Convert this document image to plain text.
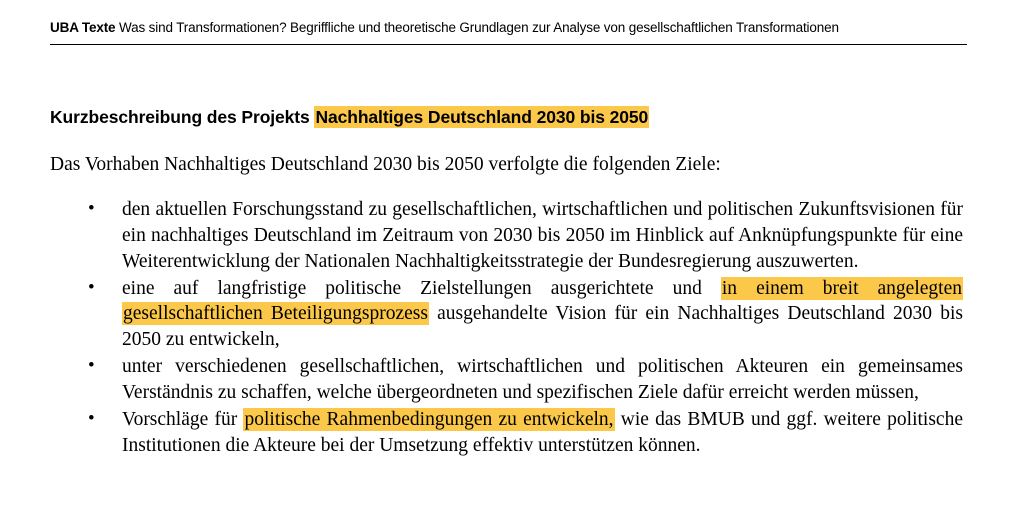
UBA Texte Was sind Transformationen? Begriffliche und theoretische Grundlagen zur Analyse von gesellschaftlichen Transformationen
Kurzbeschreibung des Projekts Nachhaltiges Deutschland 2030 bis 2050

Das Vorhaben Nachhaltiges Deutschland 2030 bis 2050 verfolgte die folgenden Ziele:

• den aktuellen Forschungsstand zu gesellschaftlichen, wirtschaftlichen und politischen Zukunftsvisionen für ein nachhaltiges Deutschland im Zeitraum von 2030 bis 2050 im Hinblick auf Anknüpfungspunkte für eine Weiterentwicklung der Nationalen Nachhaltigkeitsstrategie der Bundesregierung auszuwerten.
• eine auf langfristige politische Zielstellungen ausgerichtete und in einem breit angelegten gesellschaftlichen Beteiligungsprozess ausgehandelte Vision für ein Nachhaltiges Deutschland 2030 bis 2050 zu entwickeln,
• unter verschiedenen gesellschaftlichen, wirtschaftlichen und politischen Akteuren ein gemeinsames Verständnis zu schaffen, welche übergeordneten und spezifischen Ziele dafür erreicht werden müssen,
• Vorschläge für politische Rahmenbedingungen zu entwickeln, wie das BMUB und ggf. weitere politische Institutionen die Akteure bei der Umsetzung effektiv unterstützen können.
